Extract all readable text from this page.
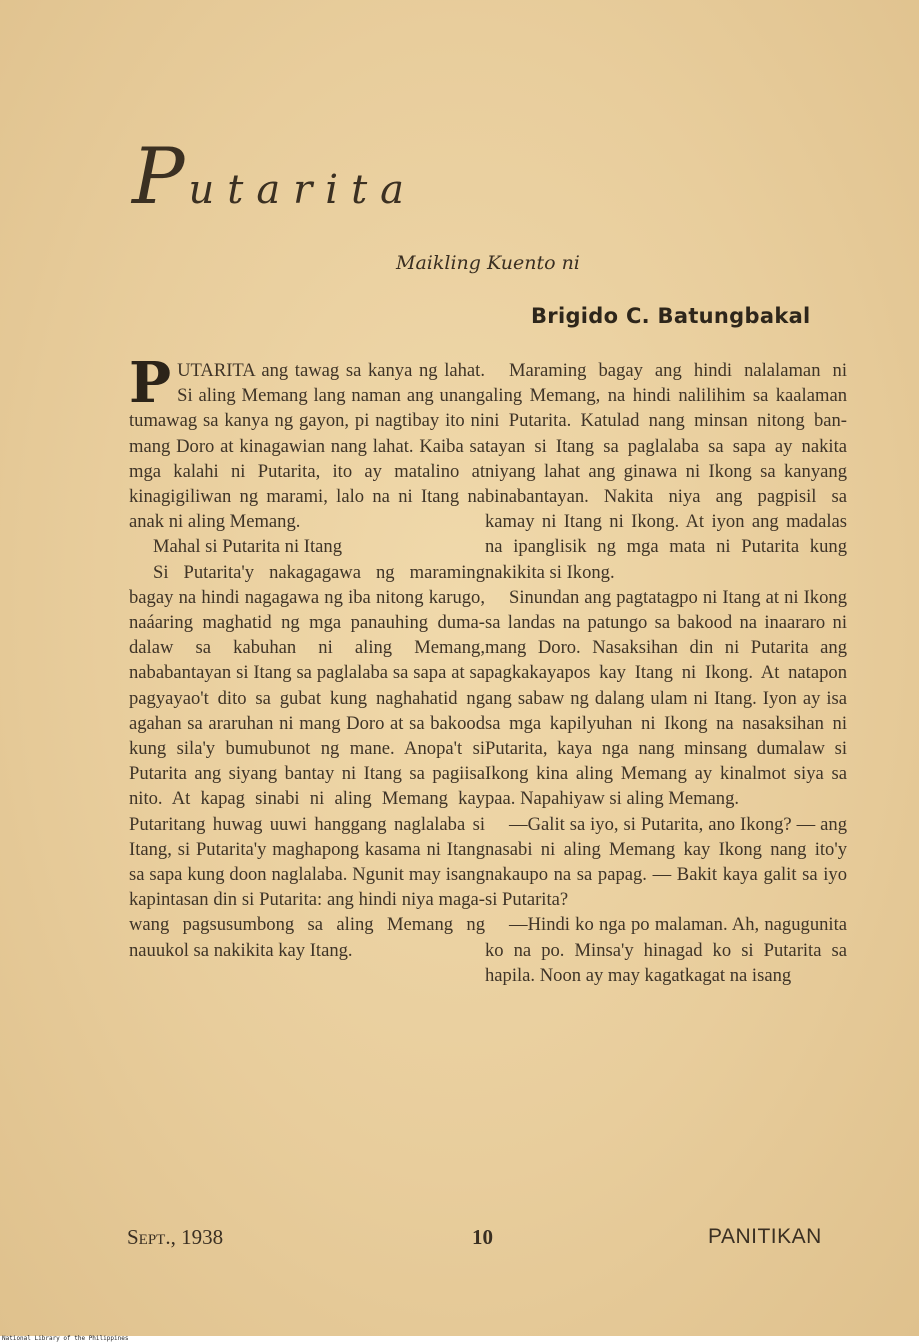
Putarita
Maikling Kuento ni
Brigido C. Batungbakal

PUTARITA ang tawag sa kanya ng lahat. Si aling Memang lang naman ang unang tumawag sa kanya ng gayon, pi nagtibay ito ni mang Doro at kinagawian nang lahat. Kaiba sa mga kalahi ni Putarita, ito ay matalino at kinagigiliwan ng marami, lalo na ni Itang na anak ni aling Memang.

Mahal si Putarita ni Itang

Si Putarita'y nakagagawa ng maraming bagay na hindi nagagawa ng iba nitong karugo, naáaring maghatid ng mga panauhing dumadalaw sa kabuhan ni aling Memang, nababantayan si Itang sa paglalaba sa sapa at sa pagyayao't dito sa gubat kung naghahatid ng agahan sa araruhan ni mang Doro at sa bakood kung sila'y bumubunot ng mane. Anopa't si Putarita ang siyang bantay ni Itang sa pagiisa nito. At kapag sinabi ni aling Memang kay Putaritang huwag uuwi hanggang naglalaba si Itang, si Putarita'y maghapong kasama ni Itang sa sapa kung doon naglalaba. Ngunit may isang kapintasan din si Putarita: ang hindi niya magawang pagsusumbong sa aling Memang ng nauukol sa nakikita kay Itang.

Maraming bagay ang hindi nalalaman ni aling Memang, na hindi nalilihim sa kaalaman ni Putarita. Katulad nang minsan nitong bantayan si Itang sa paglalaba sa sapa ay nakita niyang lahat ang ginawa ni Ikong sa kanyang binabantayan. Nakita niya ang pagpisil sa kamay ni Itang ni Ikong. At iyon ang madalas na ipanglisik ng mga mata ni Putarita kung nakikita si Ikong.

Sinundan ang pagtatagpo ni Itang at ni Ikong sa landas na patungo sa bakood na inaararo ni mang Doro. Nasaksihan din ni Putarita ang pagkakayapos kay Itang ni Ikong. At natapon ang sabaw ng dalang ulam ni Itang. Iyon ay isa sa mga kapilyuhan ni Ikong na nasaksihan ni Putarita, kaya nga nang minsang dumalaw si Ikong kina aling Memang ay kinalmot siya sa paa. Napahiyaw si aling Memang.

—Galit sa iyo, si Putarita, ano Ikong? — ang nasabi ni aling Memang kay Ikong nang ito'y nakaupo na sa papag. — Bakit kaya galit sa iyo si Putarita?

—Hindi ko nga po malaman. Ah, nagugunita ko na po. Minsa'y hinagad ko si Putarita sa hapila. Noon ay may kagatkagat na isang

Sept., 1938	10	PANITIKAN
National Library of the Philippines
